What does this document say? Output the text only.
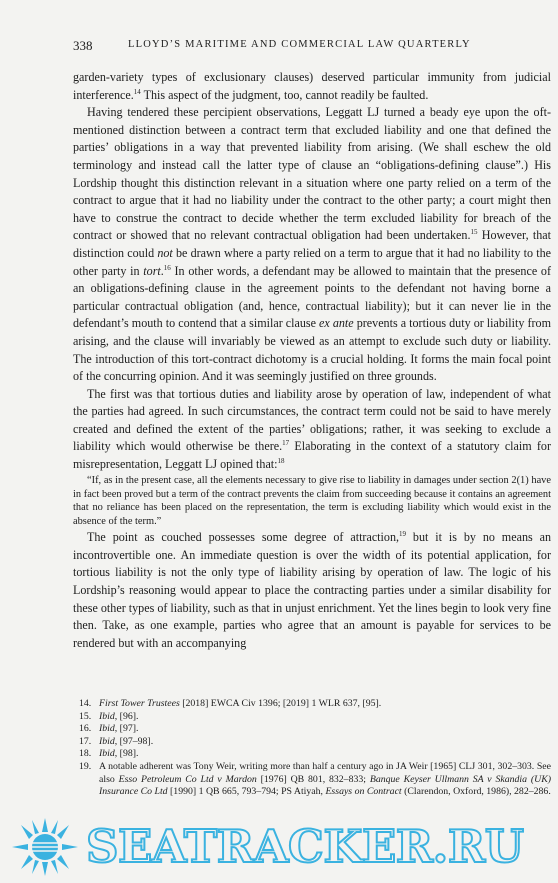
338	LLOYD’S MARITIME AND COMMERCIAL LAW QUARTERLY

garden-variety types of exclusionary clauses) deserved particular immunity from judicial interference.$^{14}$ This aspect of the judgment, too, cannot readily be faulted.

Having tendered these percipient observations, Leggatt LJ turned a beady eye upon the oft-mentioned distinction between a contract term that excluded liability and one that defined the parties’ obligations in a way that prevented liability from arising. (We shall eschew the old terminology and instead call the latter type of clause an “obligations-defining clause”.) His Lordship thought this distinction relevant in a situation where one party relied on a term of the contract to argue that it had no liability under the contract to the other party; a court might then have to construe the contract to decide whether the term excluded liability for breach of the contract or showed that no relevant contractual obligation had been undertaken.$^{15}$ However, that distinction could not be drawn where a party relied on a term to argue that it had no liability to the other party in tort.$^{16}$ In other words, a defendant may be allowed to maintain that the presence of an obligations-defining clause in the agreement points to the defendant not having borne a particular contractual obligation (and, hence, contractual liability); but it can never lie in the defendant’s mouth to contend that a similar clause ex ante prevents a tortious duty or liability from arising, and the clause will invariably be viewed as an attempt to exclude such duty or liability. The introduction of this tort-contract dichotomy is a crucial holding. It forms the main focal point of the concurring opinion. And it was seemingly justified on three grounds.

The first was that tortious duties and liability arose by operation of law, independent of what the parties had agreed. In such circumstances, the contract term could not be said to have merely created and defined the extent of the parties’ obligations; rather, it was seeking to exclude a liability which would otherwise be there.$^{17}$ Elaborating in the context of a statutory claim for misrepresentation, Leggatt LJ opined that:$^{18}$

“If, as in the present case, all the elements necessary to give rise to liability in damages under section 2(1) have in fact been proved but a term of the contract prevents the claim from succeeding because it contains an agreement that no reliance has been placed on the representation, the term is excluding liability which would exist in the absence of the term.”

The point as couched possesses some degree of attraction,$^{19}$ but it is by no means an incontrovertible one. An immediate question is over the width of its potential application, for tortious liability is not the only type of liability arising by operation of law. The logic of his Lordship’s reasoning would appear to place the contracting parties under a similar disability for these other types of liability, such as that in unjust enrichment. Yet the lines begin to look very fine then. Take, as one example, parties who agree that an amount is payable for services to be rendered but with an accompanying

14. First Tower Trustees [2018] EWCA Civ 1396; [2019] 1 WLR 637, [95].
15. Ibid, [96].
16. Ibid, [97].
17. Ibid, [97–98].
18. Ibid, [98].
19. A notable adherent was Tony Weir, writing more than half a century ago in JA Weir [1965] CLJ 301, 302–303. See also Esso Petroleum Co Ltd v Mardon [1976] QB 801, 832–833; Banque Keyser Ullmann SA v Skandia (UK) Insurance Co Ltd [1990] 1 QB 665, 793–794; PS Atiyah, Essays on Contract (Clarendon, Oxford, 1986), 282–286.
SEATRACKER.RU
